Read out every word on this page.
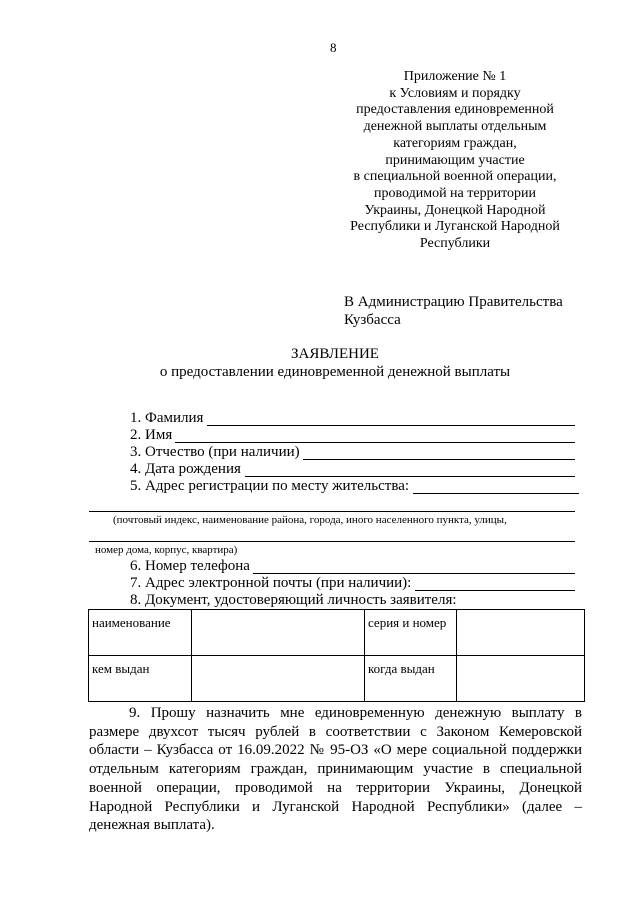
8
Приложение № 1
к Условиям и порядку
предоставления единовременной
денежной выплаты отдельным
категориям граждан,
принимающим участие
в специальной военной операции,
проводимой на территории
Украины, Донецкой Народной
Республики и Луганской Народной
Республики
В Администрацию Правительства
Кузбасса
ЗАЯВЛЕНИЕ
о предоставлении единовременной денежной выплаты
1. Фамилия
2. Имя
3. Отчество (при наличии)
4. Дата рождения
5. Адрес регистрации по месту жительства:
(почтовый индекс, наименование района, города, иного населенного пункта, улицы,
номер дома, корпус, квартира)
6. Номер телефона
7. Адрес электронной почты (при наличии):
8. Документ, удостоверяющий личность заявителя:
наименование		серия и номер	
кем выдан		когда выдан	
9. Прошу назначить мне единовременную денежную выплату в размере двухсот тысяч рублей в соответствии с Законом Кемеровской области – Кузбасса от 16.09.2022 № 95-ОЗ «О мере социальной поддержки отдельным категориям граждан, принимающим участие в специальной военной операции, проводимой на территории Украины, Донецкой Народной Республики и Луганской Народной Республики» (далее – денежная выплата).
